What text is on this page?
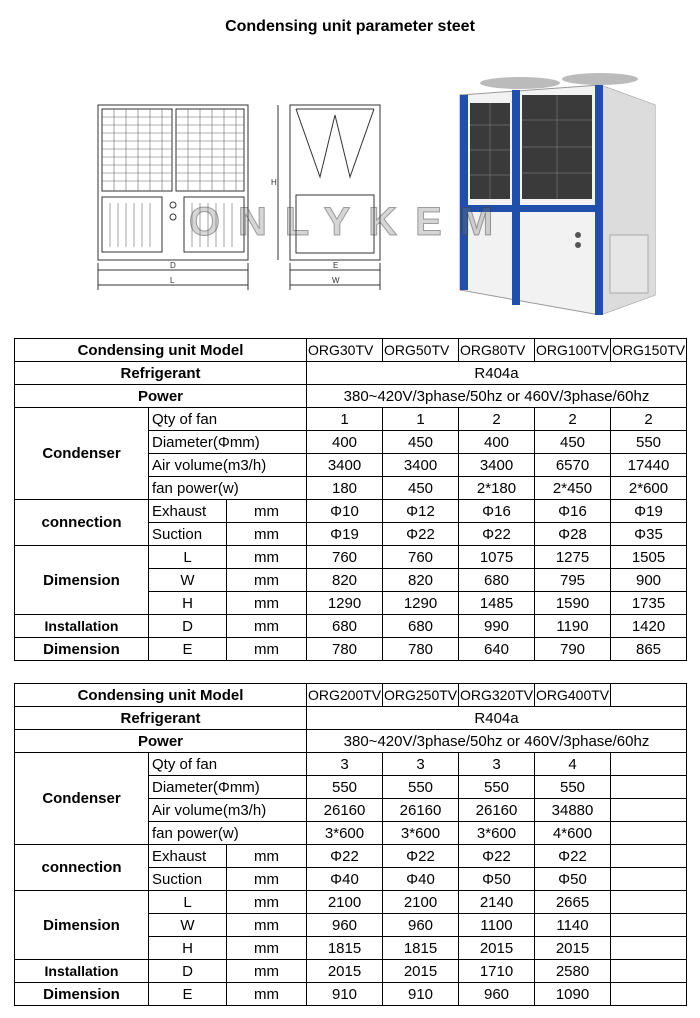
Condensing unit parameter steet
H
D
L
E
W
ONLYKEM
Condensing unit Model			ORG30TV	ORG50TV	ORG80TV	ORG100TV	ORG150TV
Refrigerant			R404a				
Power			380~420V/3phase/50hz or 460V/3phase/60hz				
Condenser	Qty of fan		1	1	2	2	2
	Diameter(Φmm)		400	450	400	450	550
	Air volume(m3/h)		3400	3400	3400	6570	17440
	fan power(w)		180	450	2*180	2*450	2*600
connection	Exhaust	mm	Φ10	Φ12	Φ16	Φ16	Φ19
	Suction	mm	Φ19	Φ22	Φ22	Φ28	Φ35
Dimension	L	mm	760	760	1075	1275	1505
	W	mm	820	820	680	795	900
	H	mm	1290	1290	1485	1590	1735
Installation	D	mm	680	680	990	1190	1420
Dimension	E	mm	780	780	640	790	865
Condensing unit Model			ORG200TV	ORG250TV	ORG320TV	ORG400TV	
Refrigerant			R404a				
Power			380~420V/3phase/50hz or 460V/3phase/60hz				
Condenser	Qty of fan		3	3	3	4	
	Diameter(Φmm)		550	550	550	550	
	Air volume(m3/h)		26160	26160	26160	34880	
	fan power(w)		3*600	3*600	3*600	4*600	
connection	Exhaust	mm	Φ22	Φ22	Φ22	Φ22	
	Suction	mm	Φ40	Φ40	Φ50	Φ50	
Dimension	L	mm	2100	2100	2140	2665	
	W	mm	960	960	1100	1140	
	H	mm	1815	1815	2015	2015	
Installation	D	mm	2015	2015	1710	2580	
Dimension	E	mm	910	910	960	1090	
